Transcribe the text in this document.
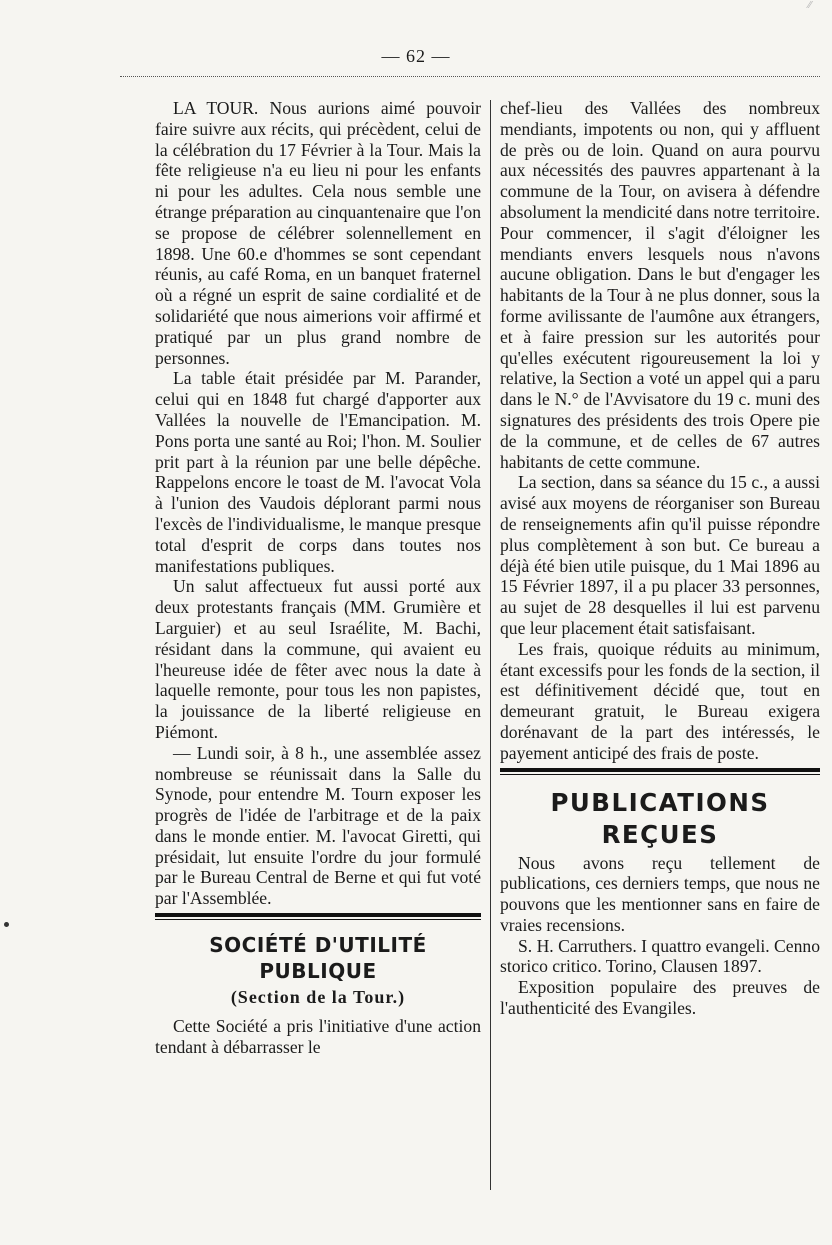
⁄⁄
— 62 —

LA TOUR. Nous aurions aimé pouvoir faire suivre aux récits, qui précèdent, celui de la célébration du 17 Février à la Tour. Mais la fête religieuse n'a eu lieu ni pour les enfants ni pour les adultes. Cela nous semble une étrange préparation au cinquantenaire que l'on se propose de célébrer solennellement en 1898. Une 60.e d'hommes se sont cependant réunis, au café Roma, en un banquet fraternel où a régné un esprit de saine cordialité et de solidariété que nous aimerions voir affirmé et pratiqué par un plus grand nombre de personnes.

La table était présidée par M. Parander, celui qui en 1848 fut chargé d'apporter aux Vallées la nouvelle de l'Emancipation. M. Pons porta une santé au Roi; l'hon. M. Soulier prit part à la réunion par une belle dépêche. Rappelons encore le toast de M. l'avocat Vola à l'union des Vaudois déplorant parmi nous l'excès de l'individualisme, le manque presque total d'esprit de corps dans toutes nos manifestations publiques.

Un salut affectueux fut aussi porté aux deux protestants français (MM. Grumière et Larguier) et au seul Israélite, M. Bachi, résidant dans la commune, qui avaient eu l'heureuse idée de fêter avec nous la date à laquelle remonte, pour tous les non papistes, la jouissance de la liberté religieuse en Piémont.

— Lundi soir, à 8 h., une assemblée assez nombreuse se réunissait dans la Salle du Synode, pour entendre M. Tourn exposer les progrès de l'idée de l'arbitrage et de la paix dans le monde entier. M. l'avocat Giretti, qui présidait, lut ensuite l'ordre du jour formulé par le Bureau Central de Berne et qui fut voté par l'Assemblée.

SOCIÉTÉ D'UTILITÉ PUBLIQUE
(Section de la Tour.)

Cette Société a pris l'initiative d'une action tendant à débarrasser le

chef-lieu des Vallées des nombreux mendiants, impotents ou non, qui y affluent de près ou de loin. Quand on aura pourvu aux nécessités des pauvres appartenant à la commune de la Tour, on avisera à défendre absolument la mendicité dans notre territoire. Pour commencer, il s'agit d'éloigner les mendiants envers lesquels nous n'avons aucune obligation. Dans le but d'engager les habitants de la Tour à ne plus donner, sous la forme avilissante de l'aumône aux étrangers, et à faire pression sur les autorités pour qu'elles exécutent rigoureusement la loi y relative, la Section a voté un appel qui a paru dans le N.° de l'Avvisatore du 19 c. muni des signatures des présidents des trois Opere pie de la commune, et de celles de 67 autres habitants de cette commune.

La section, dans sa séance du 15 c., a aussi avisé aux moyens de réorganiser son Bureau de renseignements afin qu'il puisse répondre plus complètement à son but. Ce bureau a déjà été bien utile puisque, du 1 Mai 1896 au 15 Février 1897, il a pu placer 33 personnes, au sujet de 28 desquelles il lui est parvenu que leur placement était satisfaisant.

Les frais, quoique réduits au minimum, étant excessifs pour les fonds de la section, il est définitivement décidé que, tout en demeurant gratuit, le Bureau exigera dorénavant de la part des intéressés, le payement anticipé des frais de poste.

PUBLICATIONS REÇUES

Nous avons reçu tellement de publications, ces derniers temps, que nous ne pouvons que les mentionner sans en faire de vraies recensions.

S. H. Carruthers. I quattro evangeli. Cenno storico critico. Torino, Clausen 1897.

Exposition populaire des preuves de l'authenticité des Evangiles.
